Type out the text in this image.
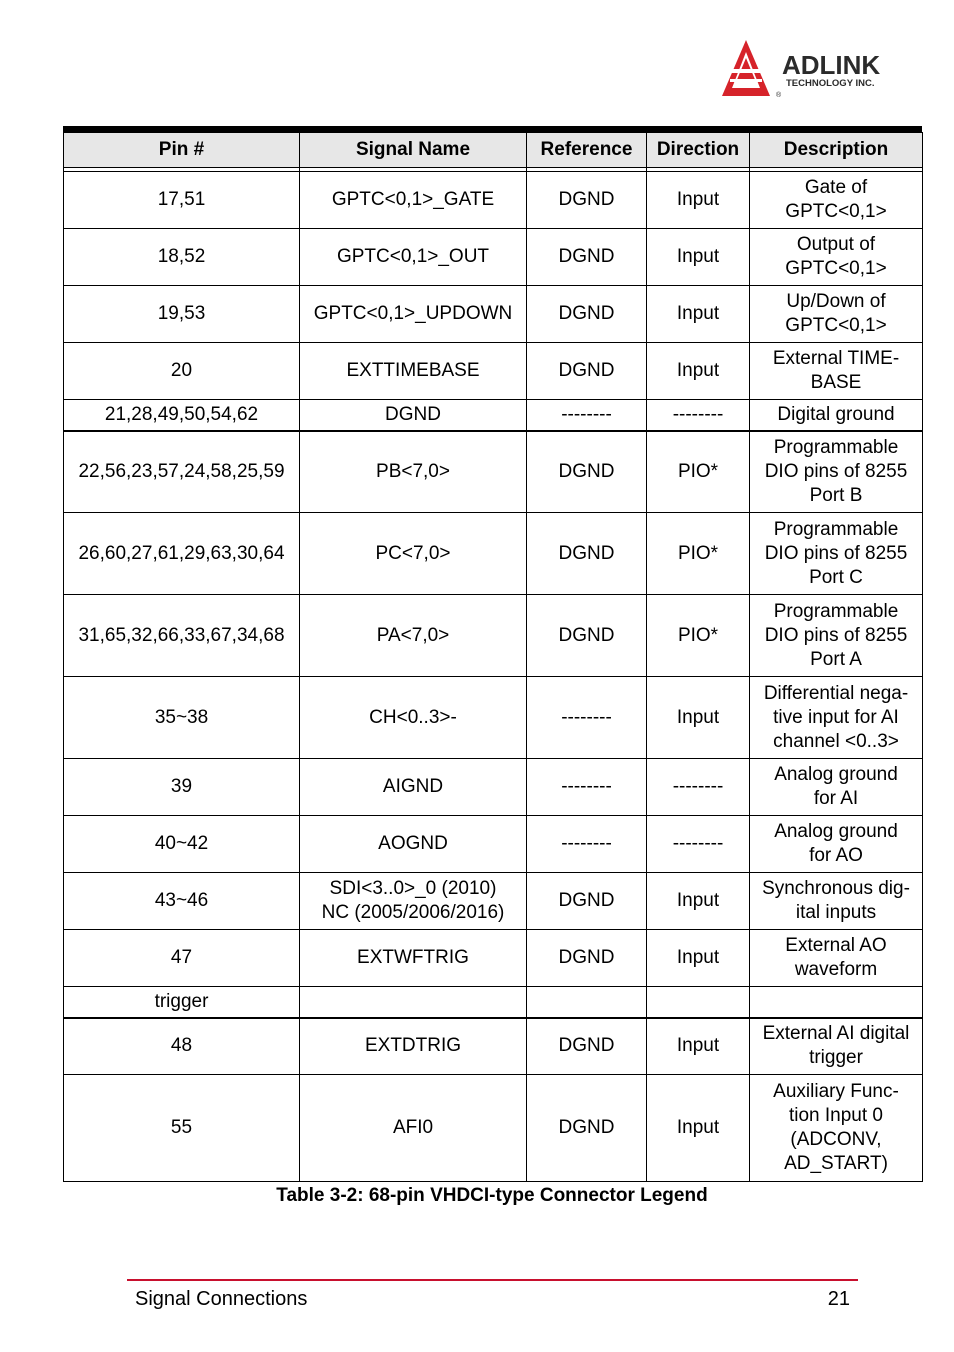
ADLINK
TECHNOLOGY INC.
®
Pin #	Signal Name	Reference	Direction	Description

17,51	GPTC<0,1>_GATE	DGND	Input	Gate of
GPTC<0,1>
18,52	GPTC<0,1>_OUT	DGND	Input	Output of
GPTC<0,1>
19,53	GPTC<0,1>_UPDOWN	DGND	Input	Up/Down of
GPTC<0,1>
20	EXTTIMEBASE	DGND	Input	External TIME-
BASE
21,28,49,50,54,62	DGND	--------	--------	Digital ground
22,56,23,57,24,58,25,59	PB<7,0>	DGND	PIO*	Programmable
DIO pins of 8255
Port B
26,60,27,61,29,63,30,64	PC<7,0>	DGND	PIO*	Programmable
DIO pins of 8255
Port C
31,65,32,66,33,67,34,68	PA<7,0>	DGND	PIO*	Programmable
DIO pins of 8255
Port A
35~38	CH<0..3>-	--------	Input	Differential nega-
tive input for AI
channel <0..3>
39	AIGND	--------	--------	Analog ground
for AI
40~42	AOGND	--------	--------	Analog ground
for AO
43~46	SDI<3..0>_0 (2010)
NC (2005/2006/2016)	DGND	Input	Synchronous dig-
ital inputs
47	EXTWFTRIG	DGND	Input	External AO
waveform
trigger				
48	EXTDTRIG	DGND	Input	External AI digital
trigger
55	AFI0	DGND	Input	Auxiliary Func-
tion Input 0
(ADCONV,
AD_START)
Table 3-2: 68-pin VHDCI-type Connector Legend
Signal Connections	21
